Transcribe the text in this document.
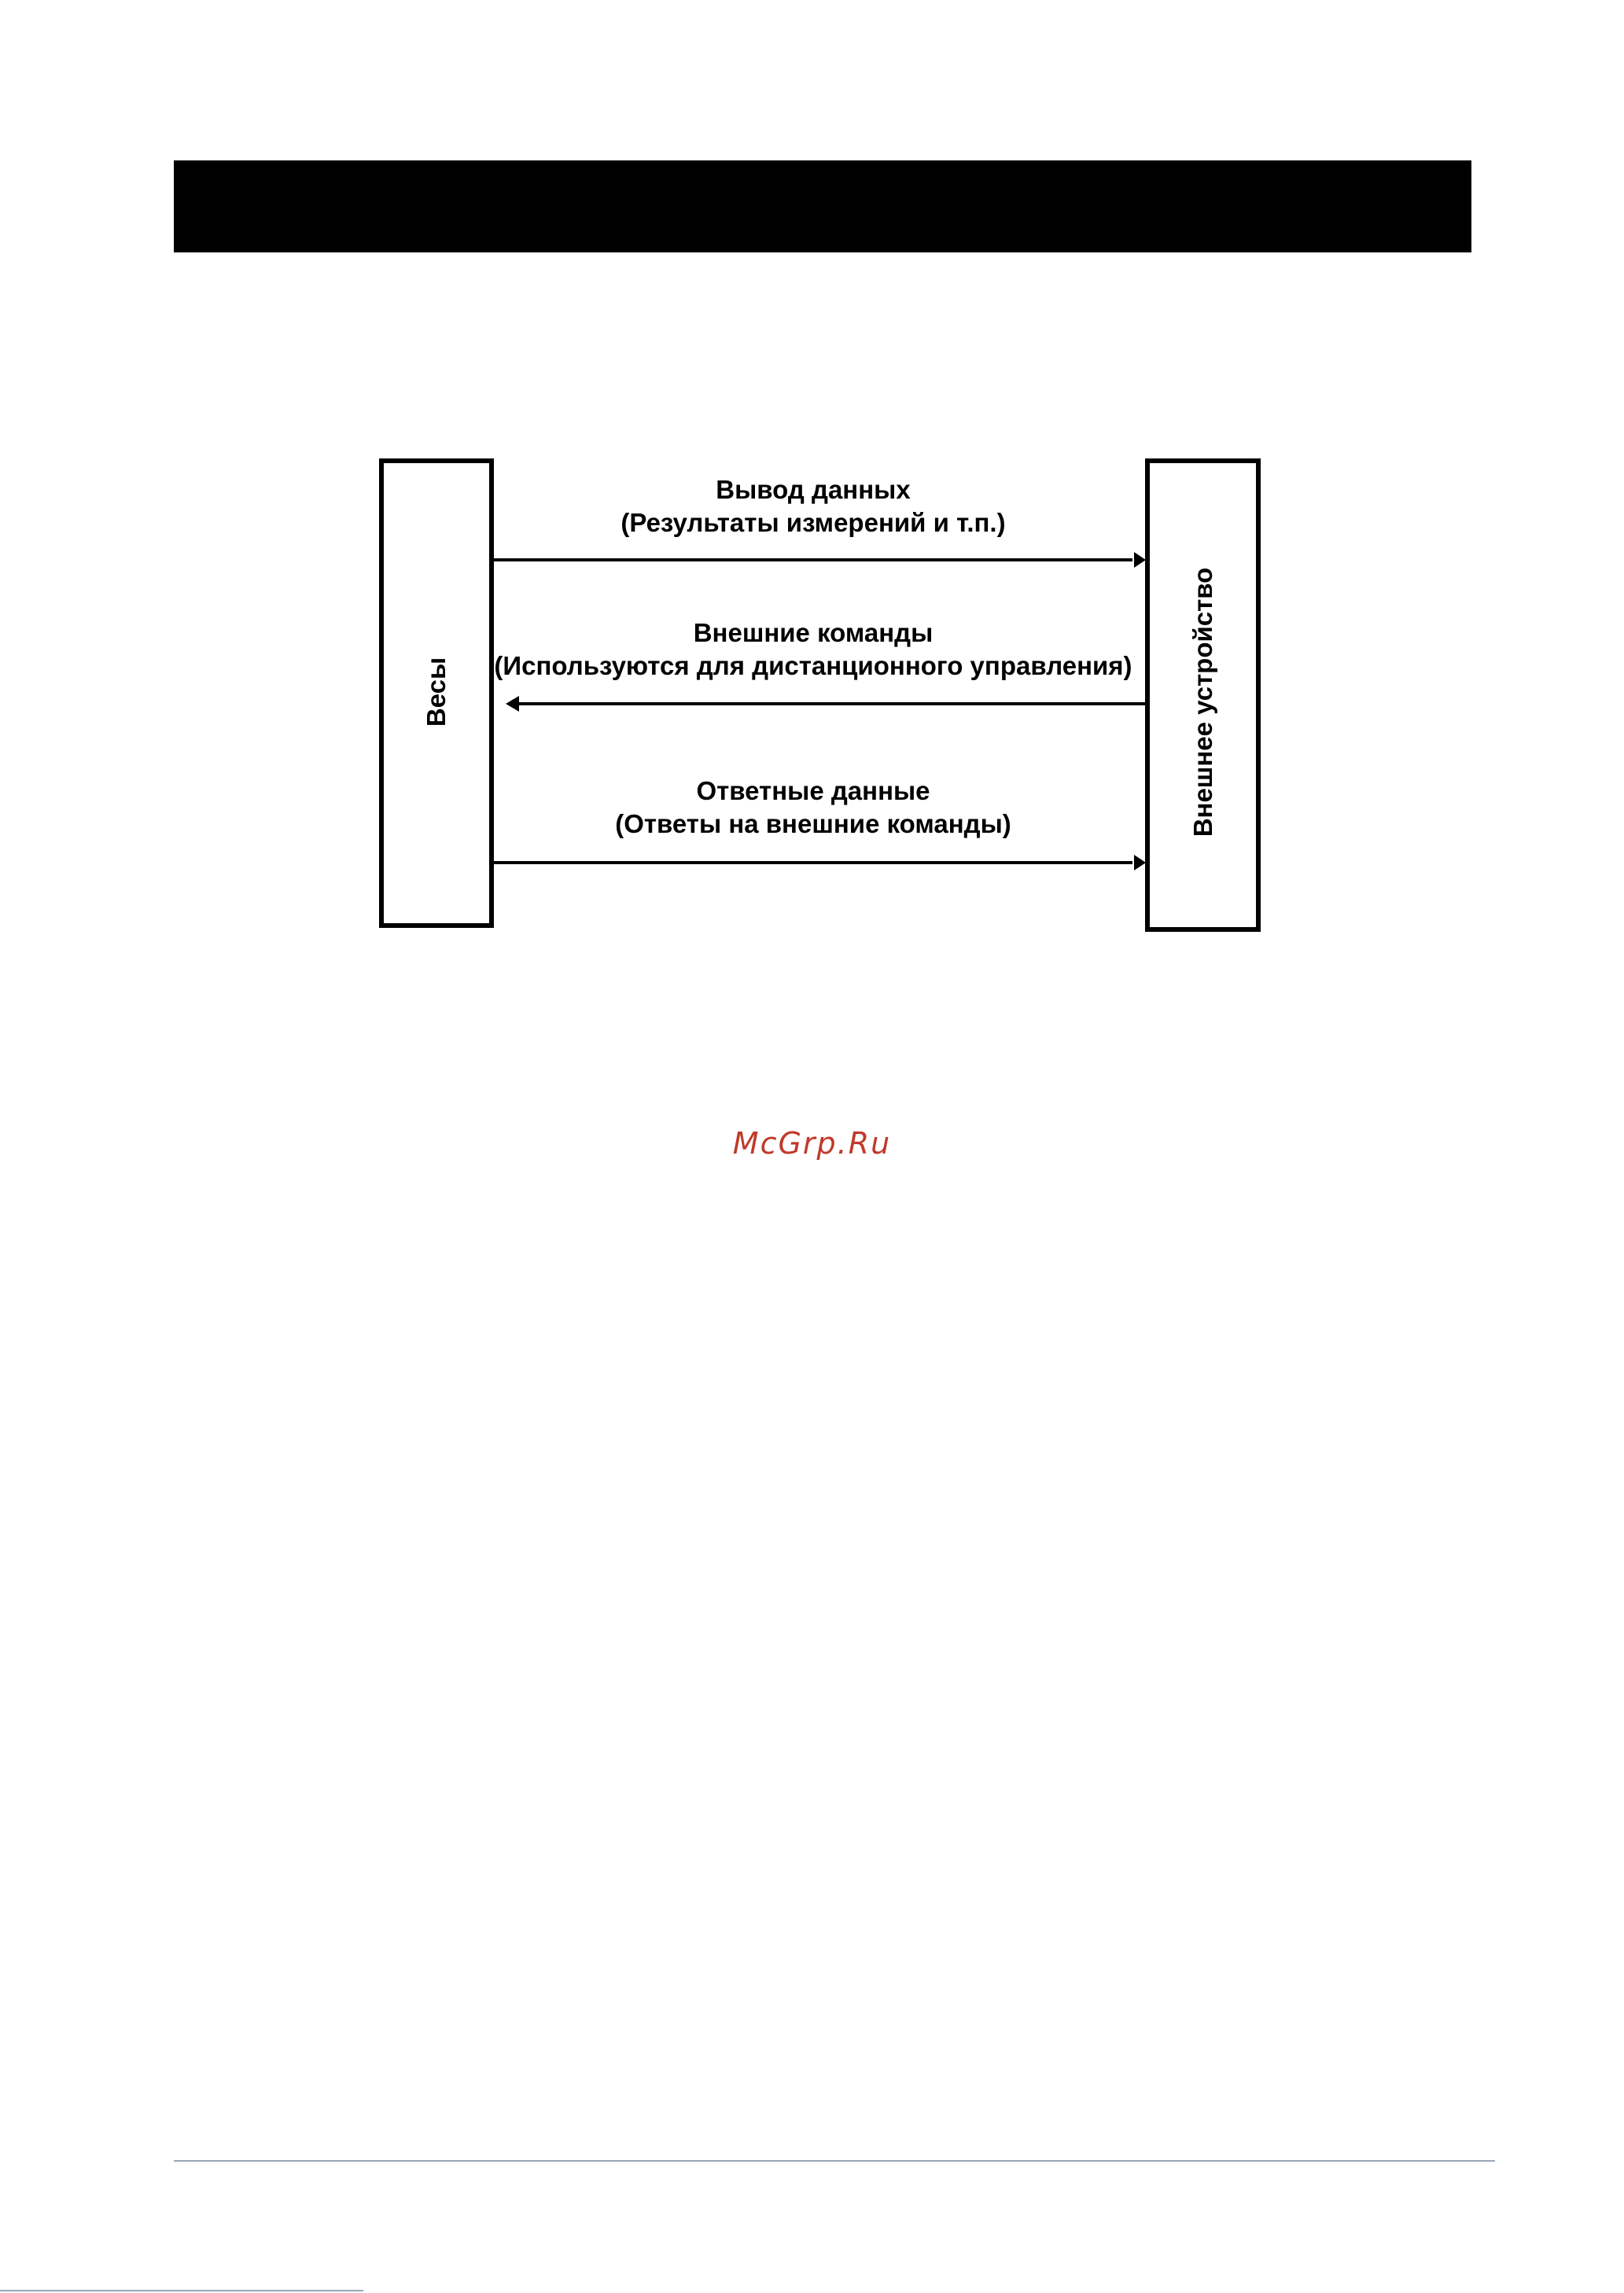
Весы	Внешнее устройство
Вывод данных
(Результаты измерений и т.п.)
Внешние команды
(Используются для дистанционного управления)
Ответные данные
(Ответы на внешние команды)
McGrp.Ru
